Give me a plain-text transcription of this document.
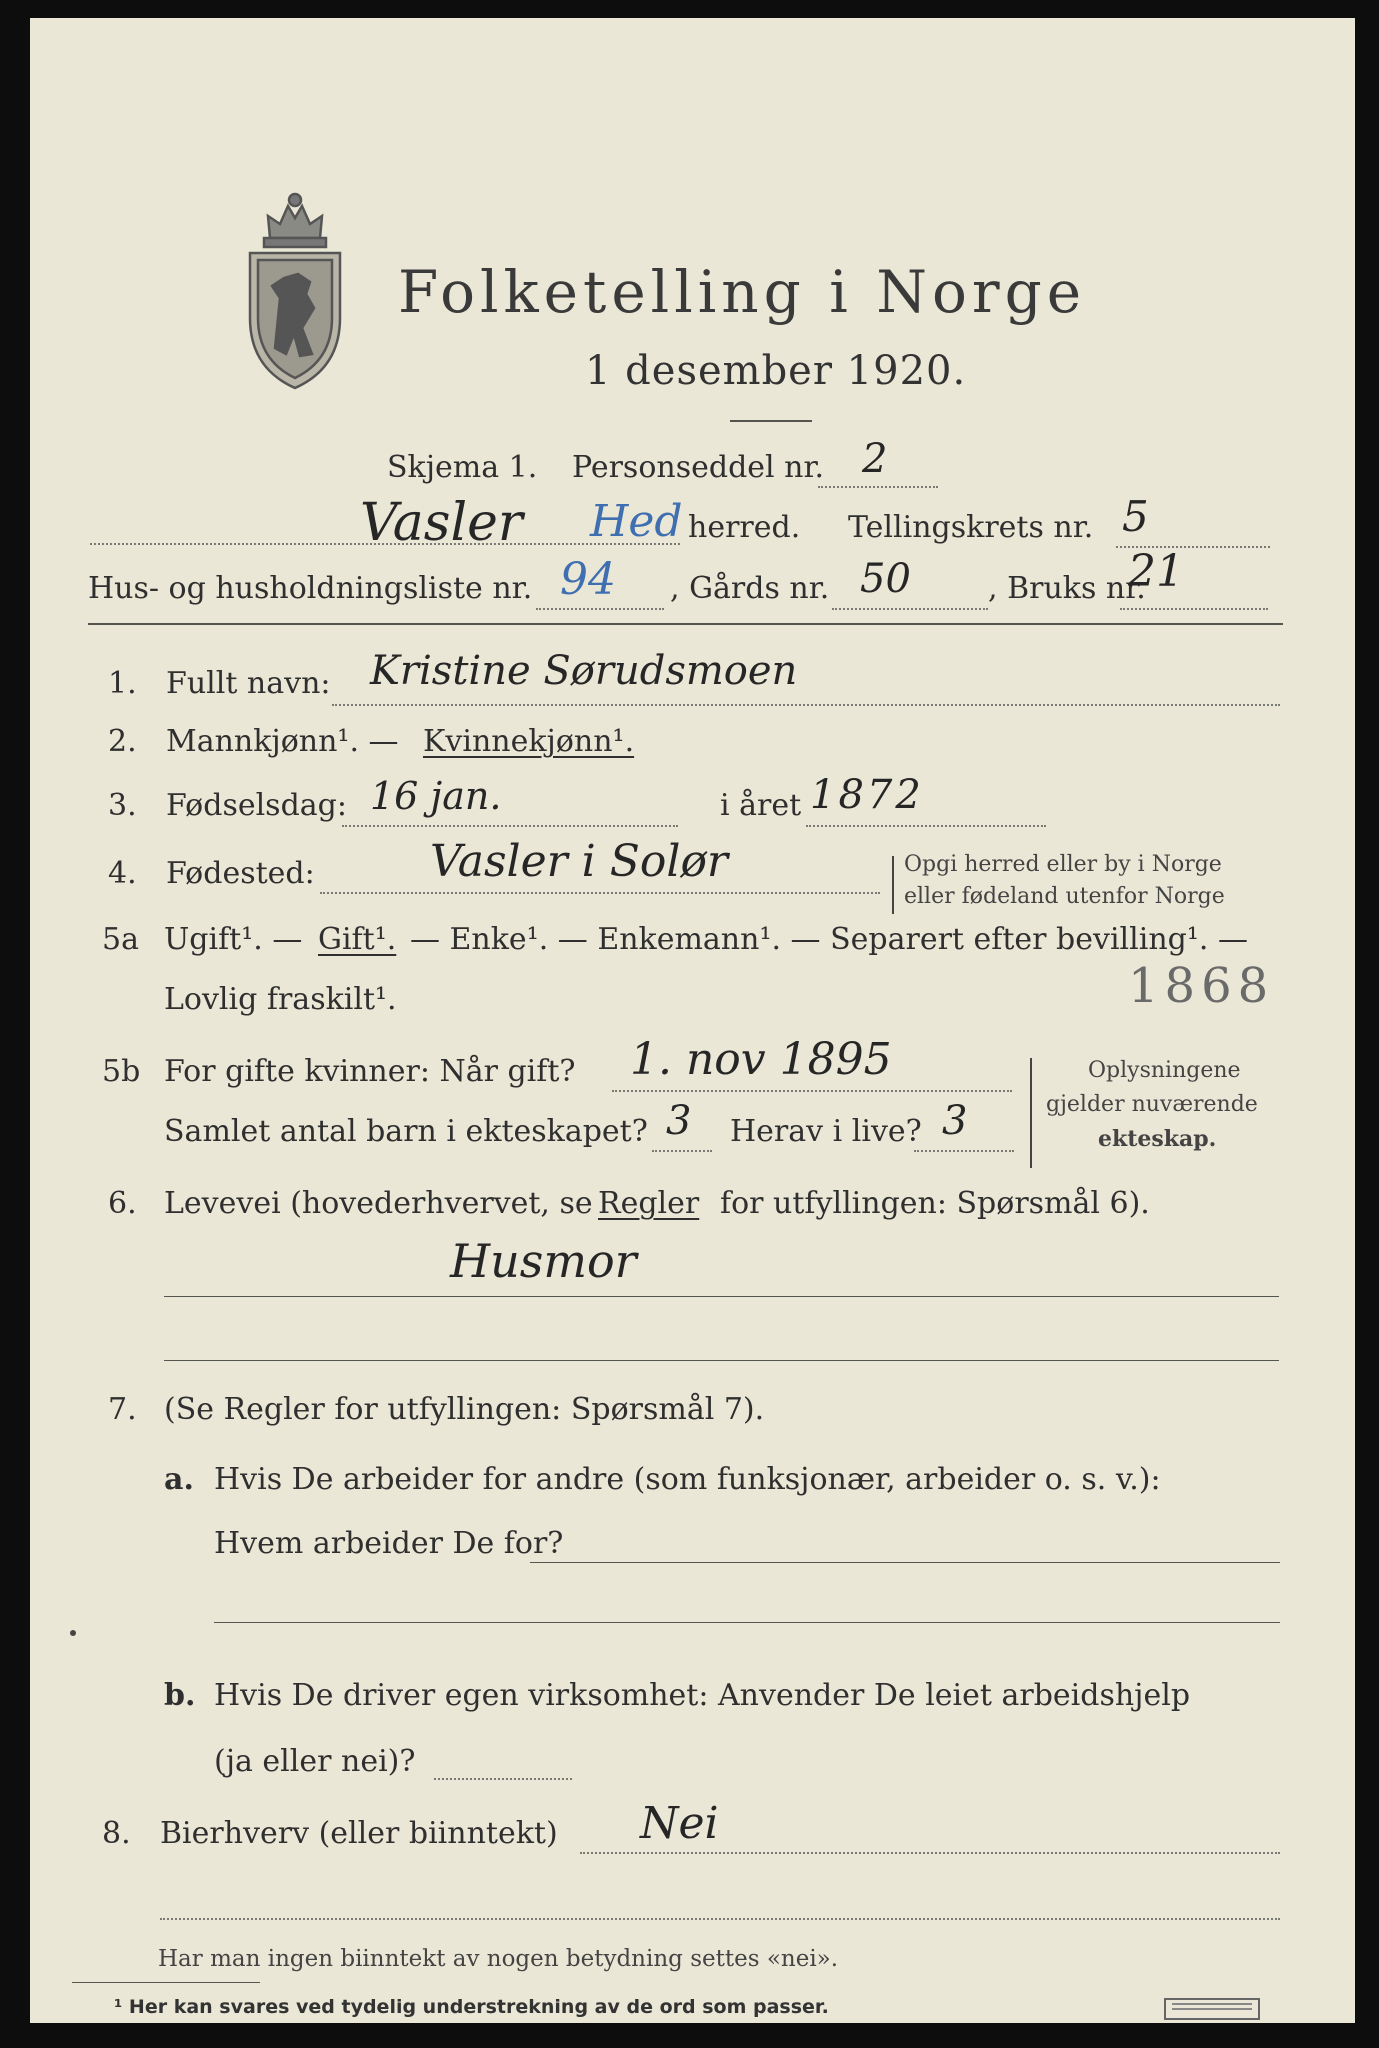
Folketelling i Norge
1 desember 1920.
Skjema 1. Personseddel nr. 2
Vasler Hed herred. Tellingskrets nr. 5
Hus- og husholdningsliste nr. 94 , Gårds nr. 50	, Bruks nr.
21
1. Fullt navn: Kristine Sørudsmoen
2. Mannkjønn¹. — Kvinnekjønn¹.
3. Fødselsdag: 16 jan.	i året 1872
4. Fødested:	Vasler i Solør	Opgi herred eller by i Norge
eller fødeland utenfor Norge
5a Ugift¹. — Gift¹. — Enke¹. — Enkemann¹. — Separert efter bevilling¹. —
Lovlig fraskilt¹.	1868
5b For gifte kvinner: Når gift? 1. nov 1895
Samlet antal barn i ekteskapet? 3 Herav i live? 3
Oplysningene
gjelder nuværende
ekteskap.
6. Levevei (hovederhvervet, se Regler for utfyllingen: Spørsmål 6).
Husmor
7. (Se Regler for utfyllingen: Spørsmål 7).
a. Hvis De arbeider for andre (som funksjonær, arbeider o. s. v.):
Hvem arbeider De for?
b. Hvis De driver egen virksomhet: Anvender De leiet arbeidshjelp
(ja eller nei)?
8. Bierhverv (eller biinntekt) Nei
Har man ingen biinntekt av nogen betydning settes «nei».
¹ Her kan svares ved tydelig understrekning av de ord som passer.
